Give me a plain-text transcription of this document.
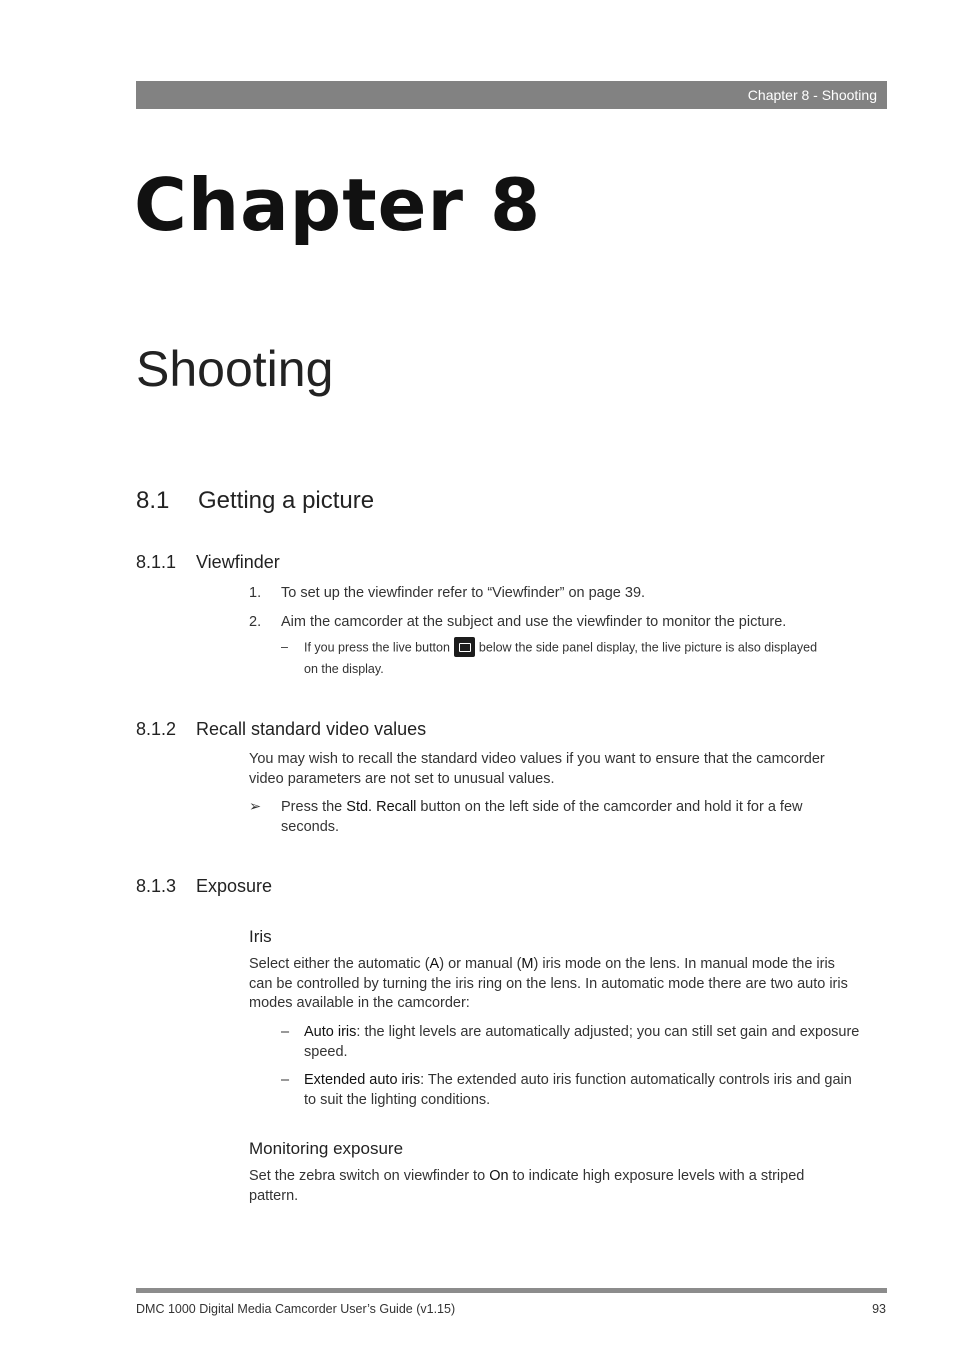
Chapter 8 - Shooting
Chapter 8
Shooting
8.1 Getting a picture
8.1.1 Viewfinder
1. To set up the viewfinder refer to “Viewfinder” on page 39.
2. Aim the camcorder at the subject and use the viewfinder to monitor the picture.
– If you press the live button below the side panel display, the live picture is also displayed
on the display.
8.1.2 Recall standard video values
You may wish to recall the standard video values if you want to ensure that the camcorder
video parameters are not set to unusual values.
➢ Press the Std. Recall button on the left side of the camcorder and hold it for a few
seconds.
8.1.3 Exposure
Iris
Select either the automatic (A) or manual (M) iris mode on the lens. In manual mode the iris
can be controlled by turning the iris ring on the lens. In automatic mode there are two auto iris
modes available in the camcorder:
– Auto iris: the light levels are automatically adjusted; you can still set gain and exposure
speed.
– Extended auto iris: The extended auto iris function automatically controls iris and gain
to suit the lighting conditions.
Monitoring exposure
Set the zebra switch on viewfinder to On to indicate high exposure levels with a striped
pattern.
DMC 1000 Digital Media Camcorder User’s Guide (v1.15)	93
